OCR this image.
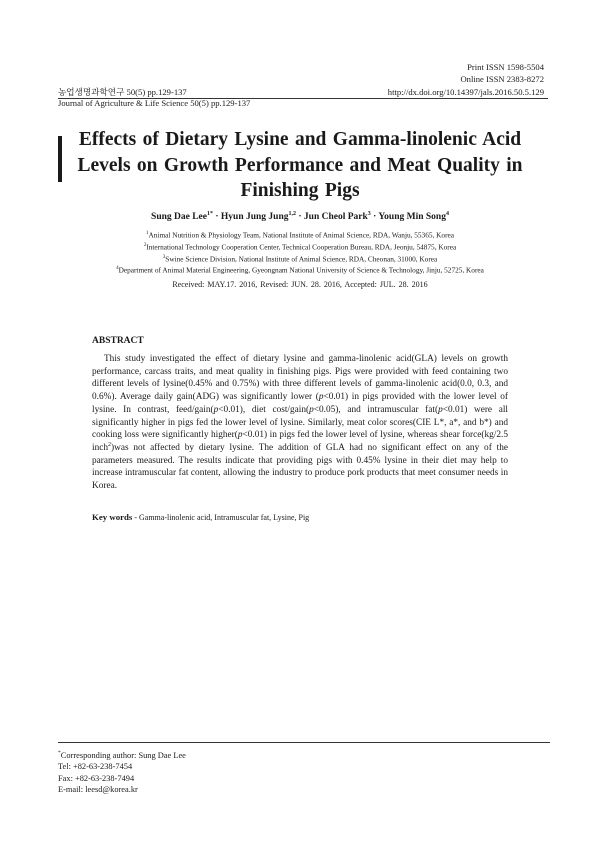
Print ISSN 1598-5504
Online ISSN 2383-8272
농업생명과학연구 50(5) pp.129-137
Journal of Agriculture & Life Science 50(5) pp.129-137
http://dx.doi.org/10.14397/jals.2016.50.5.129
Effects of Dietary Lysine and Gamma-linolenic Acid
Levels on Growth Performance and Meat Quality in
Finishing Pigs
Sung Dae Lee$^{1*}$ · Hyun Jung Jung$^{1,2}$ · Jun Cheol Park$^3$ · Young Min Song$^4$
$^1$Animal Nutrition & Physiology Team, National Institute of Animal Science, RDA, Wanju, 55365, Korea
$^2$International Technology Cooperation Center, Technical Cooperation Bureau, RDA, Jeonju, 54875, Korea
$^3$Swine Science Division, National Institute of Animal Science, RDA, Cheonan, 31000, Korea
$^4$Department of Animal Material Engineering, Gyeongnam National University of Science & Technology, Jinju, 52725, Korea
Received: MAY.17. 2016, Revised: JUN. 28. 2016, Accepted: JUL. 28. 2016
ABSTRACT
This study investigated the effect of dietary lysine and gamma-linolenic acid(GLA) levels on growth performance, carcass traits, and meat quality in finishing pigs. Pigs were provided with feed containing two different levels of lysine(0.45% and 0.75%) with three different levels of gamma-linolenic acid(0.0, 0.3, and 0.6%). Average daily gain(ADG) was significantly lower (p<0.01) in pigs provided with the lower level of lysine. In contrast, feed/gain(p<0.01), diet cost/gain(p<0.05), and intramuscular fat(p<0.01) were all significantly higher in pigs fed the lower level of lysine. Similarly, meat color scores(CIE L*, a*, and b*) and cooking loss were significantly higher(p<0.01) in pigs fed the lower level of lysine, whereas shear force(kg/2.5 inch$^2$)was not affected by dietary lysine. The addition of GLA had no significant effect on any of the parameters measured. The results indicate that providing pigs with 0.45% lysine in their diet may help to increase intramuscular fat content, allowing the industry to produce pork products that meet consumer needs in Korea.
Key words - Gamma-linolenic acid, Intramuscular fat, Lysine, Pig
*Corresponding author: Sung Dae Lee
Tel: +82-63-238-7454
Fax: +82-63-238-7494
E-mail: leesd@korea.kr
